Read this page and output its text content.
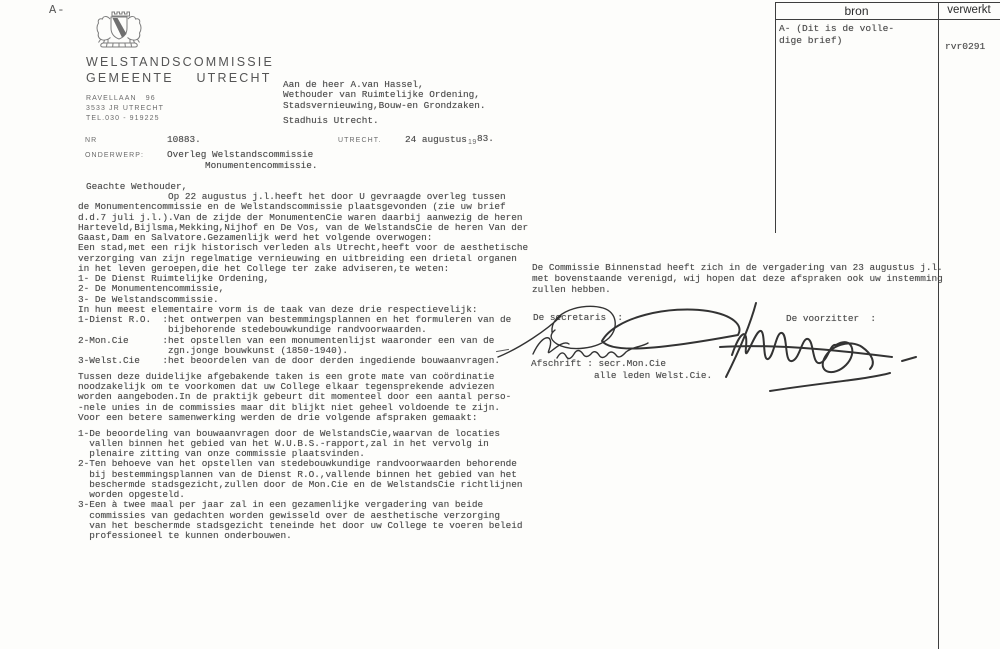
A-
WELSTANDSCOMMISSIE
GEMEENTE    UTRECHT
RAVELLAAN   96
3533 JR UTRECHT
TEL.030 - 919225
Aan de heer A.van Hassel,
Wethouder van Ruimtelijke Ordening,
Stadsvernieuwing,Bouw-en Grondzaken.
Stadhuis Utrecht.
NR	10883.	UTRECHT.	24 augustus 19 83.
ONDERWERP: Overleg Welstandscommissie
Monumentencommissie.
Geachte Wethouder,
Op 22 augustus j.l.heeft het door U gevraagde overleg tussen
de Monumentencommissie en de Welstandscommissie plaatsgevonden (zie uw brief
d.d.7 juli j.l.).Van de zijde der MonumentenCie waren daarbij aanwezig de heren
Harteveld,Bijlsma,Mekking,Nijhof en De Vos, van de WelstandsCie de heren Van der
Gaast,Dam en Salvatore.Gezamenlijk werd het volgende overwogen:
Een stad,met een rijk historisch verleden als Utrecht,heeft voor de aesthetische
verzorging van zijn regelmatige vernieuwing en uitbreiding een drietal organen
in het leven geroepen,die het College ter zake adviseren,te weten:
1- De Dienst Ruimtelijke Ordening,
2- De Monumentencommissie,
3- De Welstandscommissie.
In hun meest elementaire vorm is de taak van deze drie respectievelijk:
1-Dienst R.O.  :het ontwerpen van bestemmingsplannen en het formuleren van de
bijbehorende stedebouwkundige randvoorwaarden.
2-Mon.Cie      :het opstellen van een monumentenlijst waaronder een van de
zgn.jonge bouwkunst (1850-1940).
3-Welst.Cie    :het beoordelen van de door derden ingediende bouwaanvragen.
Tussen deze duidelijke afgebakende taken is een grote mate van coördinatie
noodzakelijk om te voorkomen dat uw College elkaar tegensprekende adviezen
worden aangeboden.In de praktijk gebeurt dit momenteel door een aantal perso-
-nele unies in de commissies maar dit blijkt niet geheel voldoende te zijn.
Voor een betere samenwerking werden de drie volgende afspraken gemaakt:
1-De beoordeling van bouwaanvragen door de WelstandsCie,waarvan de locaties
vallen binnen het gebied van het W.U.B.S.-rapport,zal in het vervolg in
plenaire zitting van onze commissie plaatsvinden.
2-Ten behoeve van het opstellen van stedebouwkundige randvoorwaarden behorende
bij bestemmingsplannen van de Dienst R.O.,vallende binnen het gebied van het
beschermde stadsgezicht,zullen door de Mon.Cie en de WelstandsCie richtlijnen
worden opgesteld.
3-Een à twee maal per jaar zal in een gezamenlijke vergadering van beide
commissies van gedachten worden gewisseld over de aesthetische verzorging
van het beschermde stadsgezicht teneinde het door uw College te voeren beleid
professioneel te kunnen onderbouwen.
De Commissie Binnenstad heeft zich in de vergadering van 23 augustus j.l.
met bovenstaande verenigd, wij hopen dat deze afspraken ook uw instemming
zullen hebben.
De secretaris  :	De voorzitter  :
Afschrift : secr.Mon.Cie
alle leden Welst.Cie.
bron	verwerkt
A- (Dit is de volle-
dige brief)
rvr0291
